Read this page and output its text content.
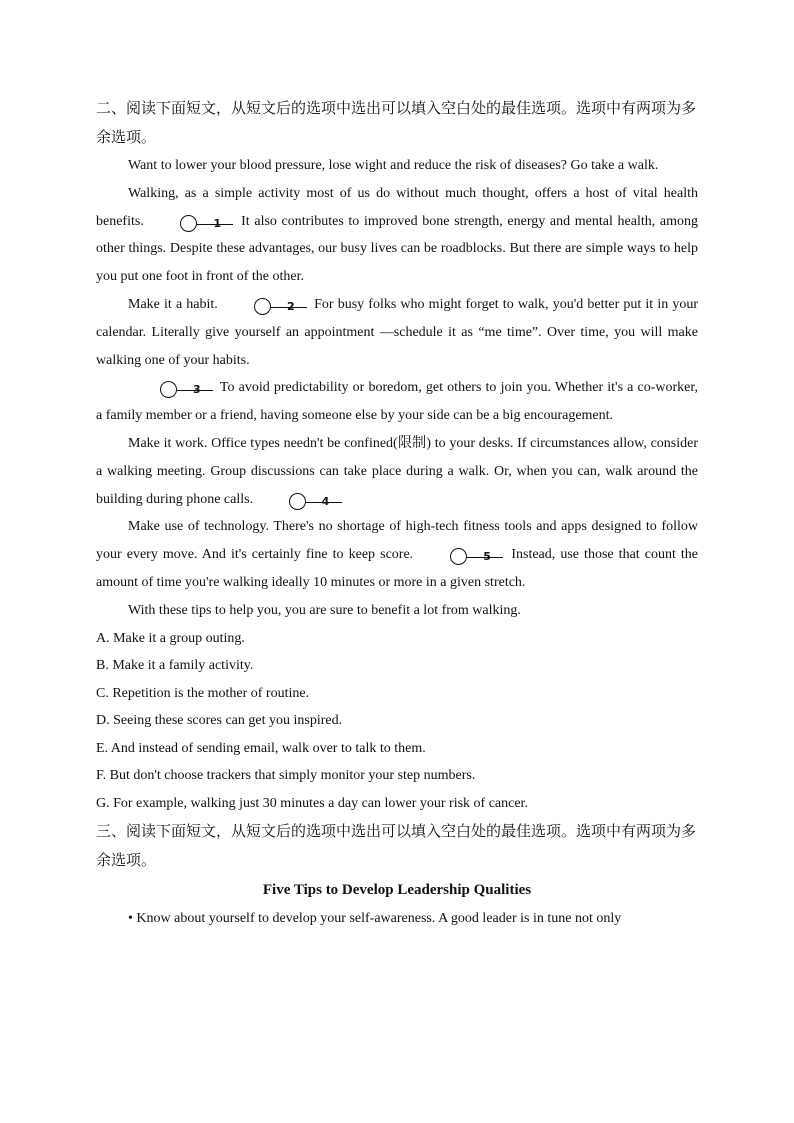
二、阅读下面短文，从短文后的选项中选出可以填入空白处的最佳选项。选项中有两项为多余选项。

Want to lower your blood pressure, lose wight and reduce the risk of diseases? Go take a walk.

Walking, as a simple activity most of us do without much thought, offers a host of vital health benefits.	1 It also contributes to improved bone strength, energy and mental health, among other things. Despite these advantages, our busy lives can be roadblocks. But there are simple ways to help you put one foot in front of the other.

Make it a habit.	2 For busy folks who might forget to walk, you'd better put it in your calendar. Literally give yourself an appointment —schedule it as “me time”. Over time, you will make walking one of your habits.

3 To avoid predictability or boredom, get others to join you. Whether it's a co-worker, a family member or a friend, having someone else by your side can be a big encouragement.

Make it work. Office types needn't be confined(限制) to your desks. If circumstances allow, consider a walking meeting. Group discussions can take place during a walk. Or, when you can, walk around the building during phone calls.	4

Make use of technology. There's no shortage of high-tech fitness tools and apps designed to follow your every move. And it's certainly fine to keep score.	5 Instead, use those that count the amount of time you're walking ideally 10 minutes or more in a given stretch.

With these tips to help you, you are sure to benefit a lot from walking.

A. Make it a group outing.

B. Make it a family activity.

C. Repetition is the mother of routine.

D. Seeing these scores can get you inspired.

E. And instead of sending email, walk over to talk to them.

F. But don't choose trackers that simply monitor your step numbers.

G. For example, walking just 30 minutes a day can lower your risk of cancer.

三、阅读下面短文，从短文后的选项中选出可以填入空白处的最佳选项。选项中有两项为多余选项。

Five Tips to Develop Leadership Qualities

• Know about yourself to develop your self-awareness. A good leader is in tune not only
